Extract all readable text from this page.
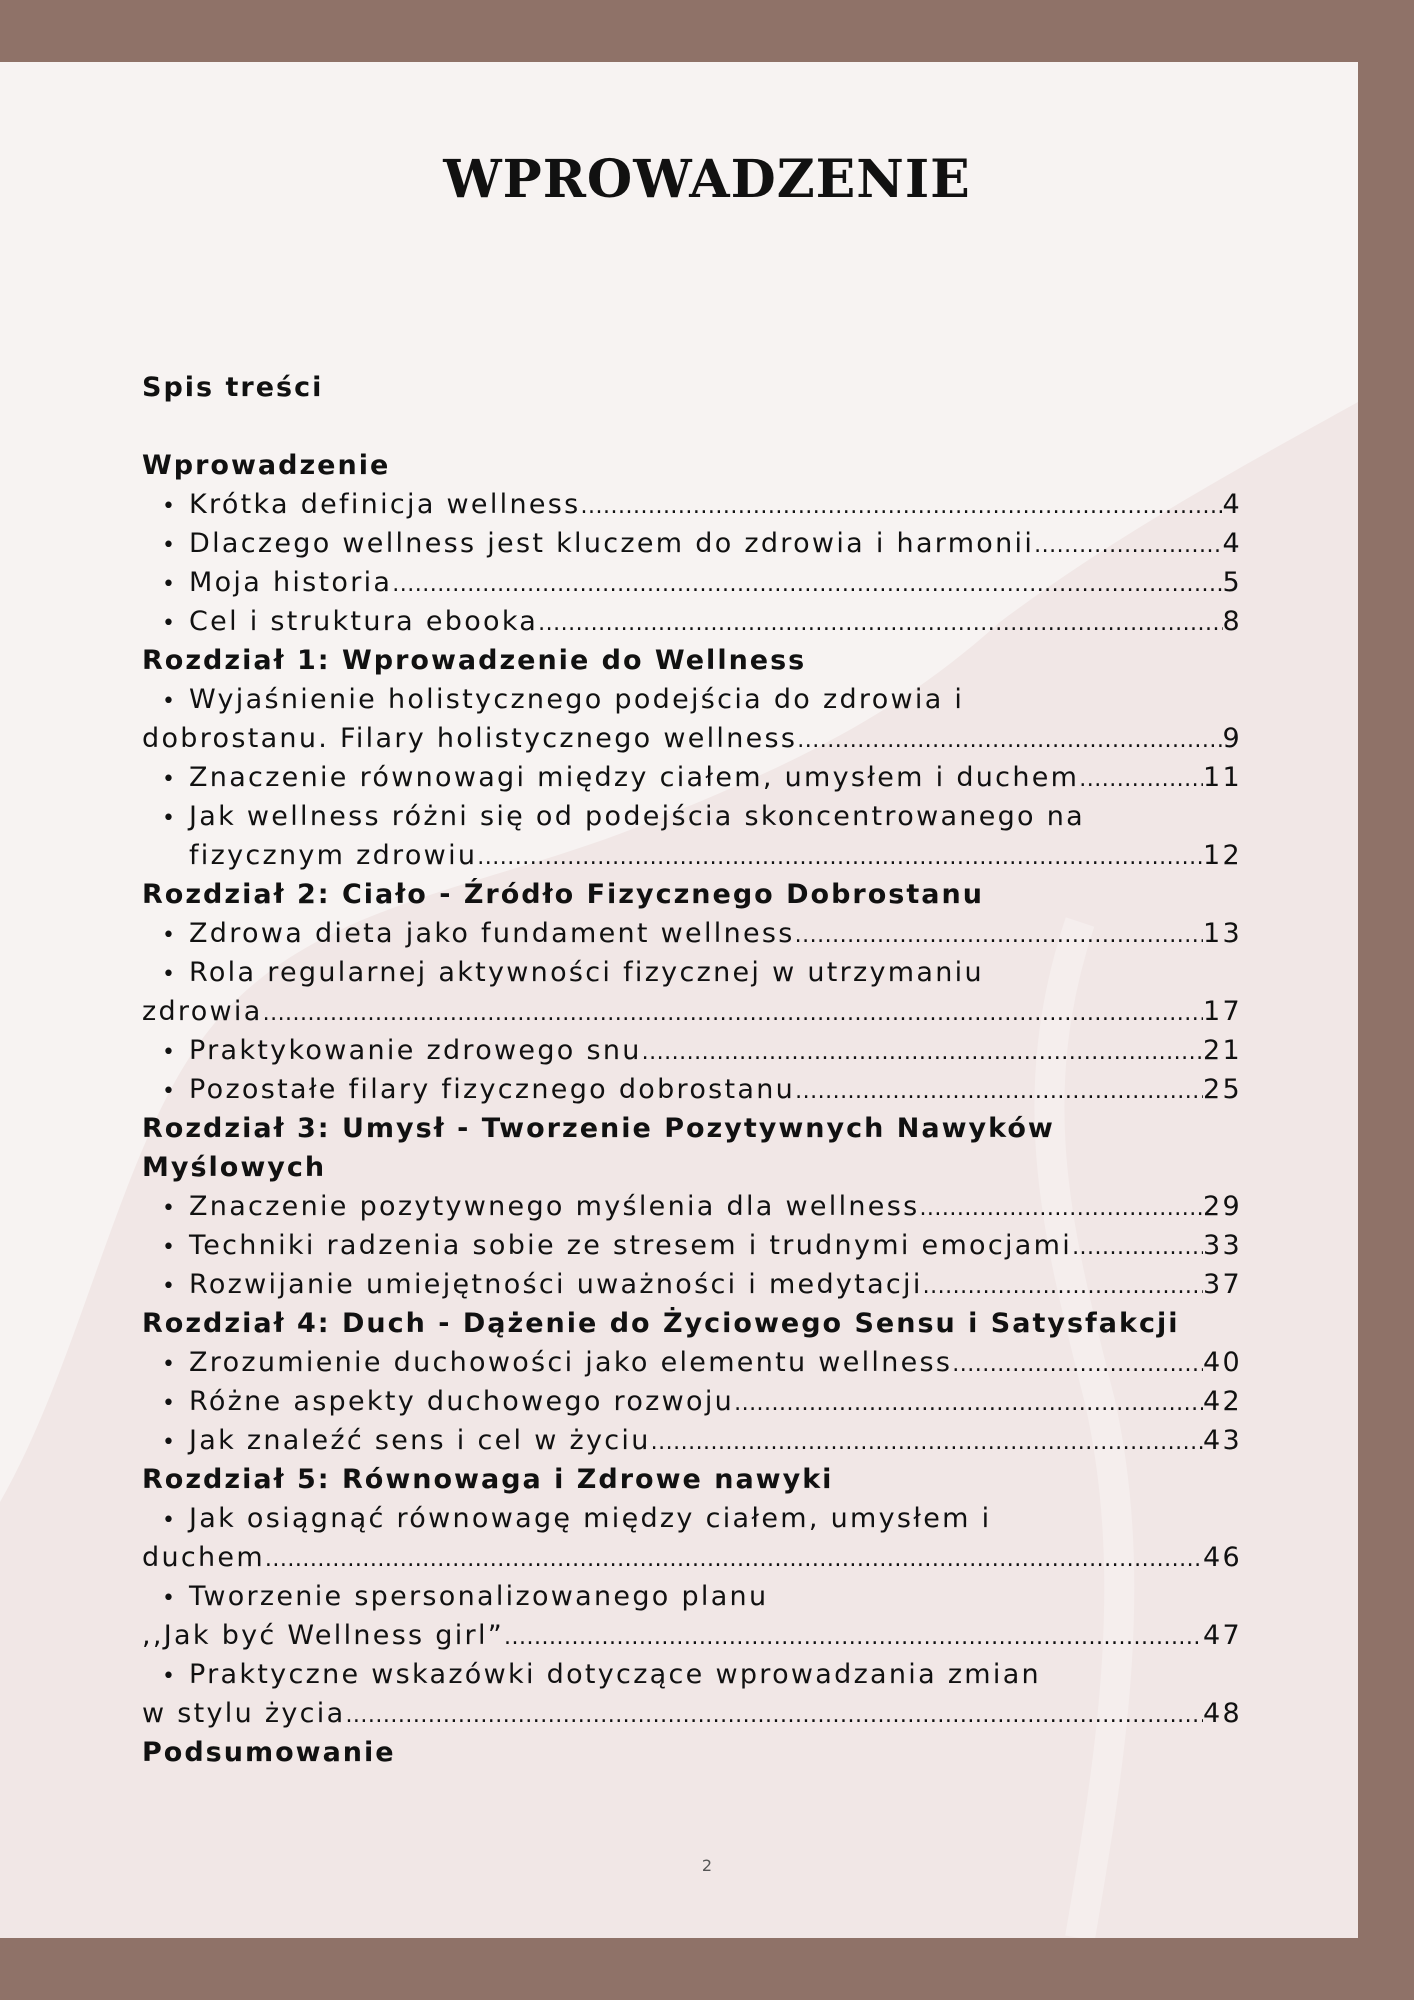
WPROWADZENIE
Spis treści
Wprowadzenie
• Krótka definicja wellness .....	4
• Dlaczego wellness jest kluczem do zdrowia i harmonii .....	4
• Moja historia .....	5
• Cel i struktura ebooka .....	8
Rozdział 1: Wprowadzenie do Wellness
• Wyjaśnienie holistycznego podejścia do zdrowia i
dobrostanu. Filary holistycznego wellness .....	9
• Znaczenie równowagi między ciałem, umysłem i duchem .....	11
• Jak wellness różni się od podejścia skoncentrowanego na
fizycznym zdrowiu .....	12
Rozdział 2: Ciało - Źródło Fizycznego Dobrostanu
• Zdrowa dieta jako fundament wellness .....	13
• Rola regularnej aktywności fizycznej w utrzymaniu
zdrowia .....	17
• Praktykowanie zdrowego snu .....	21
• Pozostałe filary fizycznego dobrostanu .....	25
Rozdział 3: Umysł - Tworzenie Pozytywnych Nawyków
Myślowych
• Znaczenie pozytywnego myślenia dla wellness .....	29
• Techniki radzenia sobie ze stresem i trudnymi emocjami .....	33
• Rozwijanie umiejętności uważności i medytacji .....	37
Rozdział 4: Duch - Dążenie do Życiowego Sensu i Satysfakcji
• Zrozumienie duchowości jako elementu wellness .....	40
• Różne aspekty duchowego rozwoju .....	42
• Jak znaleźć sens i cel w życiu .....	43
Rozdział 5: Równowaga i Zdrowe nawyki
• Jak osiągnąć równowagę między ciałem, umysłem i
duchem .....	46
• Tworzenie spersonalizowanego planu
,,Jak być Wellness girl” .....	47
• Praktyczne wskazówki dotyczące wprowadzania zmian
w stylu życia .....	48
Podsumowanie
2
